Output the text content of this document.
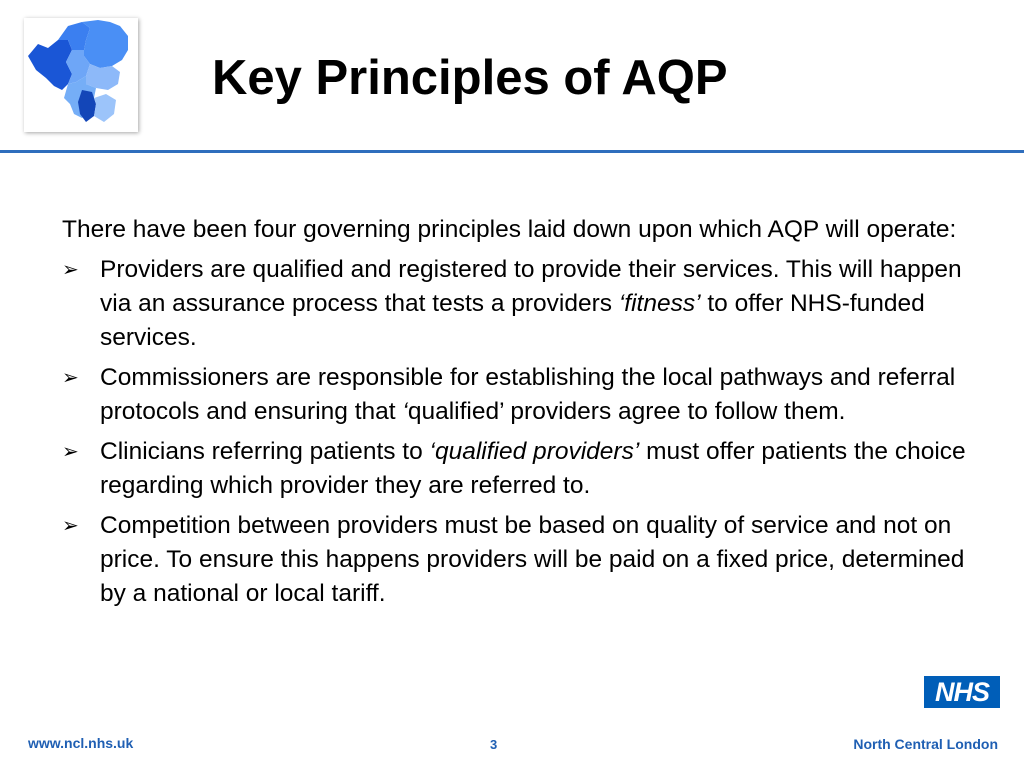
Key Principles of AQP

There have been four governing principles laid down upon which AQP will operate:

➢ Providers are qualified and registered to provide their services. This will happen via an assurance process that tests a providers ‘fitness’ to offer NHS-funded services.
➢ Commissioners are responsible for establishing the local pathways and referral protocols and ensuring that ‘qualified’ providers agree to follow them.
➢ Clinicians referring patients to ‘qualified providers’ must offer patients the choice regarding which provider they are referred to.
➢ Competition between providers must be based on quality of service and not on price. To ensure this happens providers will be paid on a fixed price, determined by a national or local tariff.
NHS
www.ncl.nhs.uk	3	North Central London
